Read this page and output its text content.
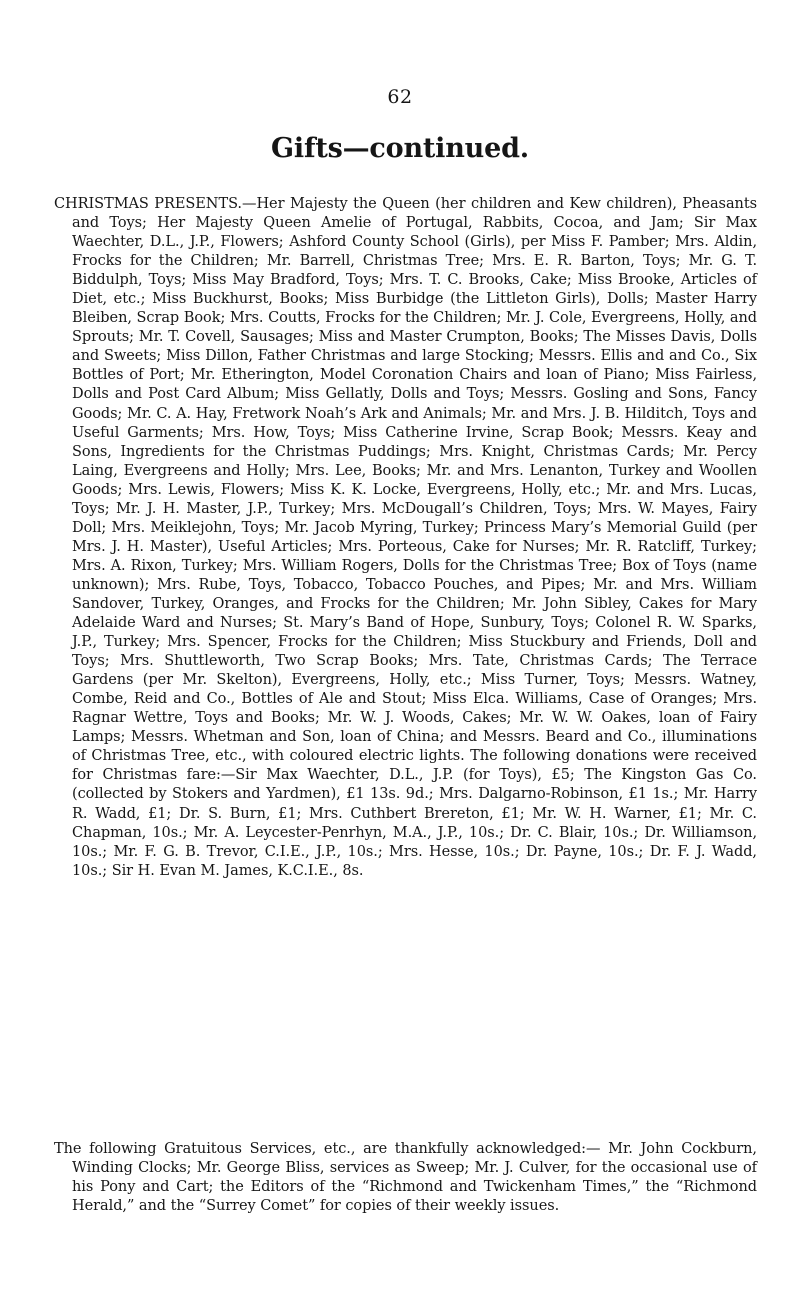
62
Gifts—continued.

CHRISTMAS PRESENTS.—Her Majesty the Queen (her children and Kew children), Pheasants and Toys; Her Majesty Queen Amelie of Portugal, Rabbits, Cocoa, and Jam; Sir Max Waechter, D.L., J.P., Flowers; Ashford County School (Girls), per Miss F. Pamber; Mrs. Aldin, Frocks for the Children; Mr. Barrell, Christmas Tree; Mrs. E. R. Barton, Toys; Mr. G. T. Biddulph, Toys; Miss May Bradford, Toys; Mrs. T. C. Brooks, Cake; Miss Brooke, Articles of Diet, etc.; Miss Buckhurst, Books; Miss Burbidge (the Littleton Girls), Dolls; Master Harry Bleiben, Scrap Book; Mrs. Coutts, Frocks for the Children; Mr. J. Cole, Evergreens, Holly, and Sprouts; Mr. T. Covell, Sausages; Miss and Master Crumpton, Books; The Misses Davis, Dolls and Sweets; Miss Dillon, Father Christmas and large Stocking; Messrs. Ellis and and Co., Six Bottles of Port; Mr. Etherington, Model Coronation Chairs and loan of Piano; Miss Fairless, Dolls and Post Card Album; Miss Gellatly, Dolls and Toys; Messrs. Gosling and Sons, Fancy Goods; Mr. C. A. Hay, Fretwork Noah’s Ark and Animals; Mr. and Mrs. J. B. Hilditch, Toys and Useful Garments; Mrs. How, Toys; Miss Catherine Irvine, Scrap Book; Messrs. Keay and Sons, Ingredients for the Christmas Puddings; Mrs. Knight, Christmas Cards; Mr. Percy Laing, Evergreens and Holly; Mrs. Lee, Books; Mr. and Mrs. Lenanton, Turkey and Woollen Goods; Mrs. Lewis, Flowers; Miss K. K. Locke, Evergreens, Holly, etc.; Mr. and Mrs. Lucas, Toys; Mr. J. H. Master, J.P., Turkey; Mrs. McDougall’s Children, Toys; Mrs. W. Mayes, Fairy Doll; Mrs. Meiklejohn, Toys; Mr. Jacob Myring, Turkey; Princess Mary’s Memorial Guild (per Mrs. J. H. Master), Useful Articles; Mrs. Porteous, Cake for Nurses; Mr. R. Ratcliff, Turkey; Mrs. A. Rixon, Turkey; Mrs. William Rogers, Dolls for the Christmas Tree; Box of Toys (name unknown); Mrs. Rube, Toys, Tobacco, Tobacco Pouches, and Pipes; Mr. and Mrs. William Sandover, Turkey, Oranges, and Frocks for the Children; Mr. John Sibley, Cakes for Mary Adelaide Ward and Nurses; St. Mary’s Band of Hope, Sunbury, Toys; Colonel R. W. Sparks, J.P., Turkey; Mrs. Spencer, Frocks for the Children; Miss Stuckbury and Friends, Doll and Toys; Mrs. Shuttleworth, Two Scrap Books; Mrs. Tate, Christmas Cards; The Terrace Gardens (per Mr. Skelton), Evergreens, Holly, etc.; Miss Turner, Toys; Messrs. Watney, Combe, Reid and Co., Bottles of Ale and Stout; Miss Elca. Williams, Case of Oranges; Mrs. Ragnar Wettre, Toys and Books; Mr. W. J. Woods, Cakes; Mr. W. W. Oakes, loan of Fairy Lamps; Messrs. Whetman and Son, loan of China; and Messrs. Beard and Co., illuminations of Christmas Tree, etc., with coloured electric lights. The following donations were received for Christmas fare:—Sir Max Waechter, D.L., J.P. (for Toys), £5; The Kingston Gas Co. (collected by Stokers and Yardmen), £1 13s. 9d.; Mrs. Dalgarno-Robinson, £1 1s.; Mr. Harry R. Wadd, £1; Dr. S. Burn, £1; Mrs. Cuthbert Brereton, £1; Mr. W. H. Warner, £1; Mr. C. Chapman, 10s.; Mr. A. Leycester-Penrhyn, M.A., J.P., 10s.; Dr. C. Blair, 10s.; Dr. Williamson, 10s.; Mr. F. G. B. Trevor, C.I.E., J.P., 10s.; Mrs. Hesse, 10s.; Dr. Payne, 10s.; Dr. F. J. Wadd, 10s.; Sir H. Evan M. James, K.C.I.E., 8s.

The following Gratuitous Services, etc., are thankfully acknowledged:— Mr. John Cockburn, Winding Clocks; Mr. George Bliss, services as Sweep; Mr. J. Culver, for the occasional use of his Pony and Cart; the Editors of the “Richmond and Twickenham Times,” the “Richmond Herald,” and the “Surrey Comet” for copies of their weekly issues.
